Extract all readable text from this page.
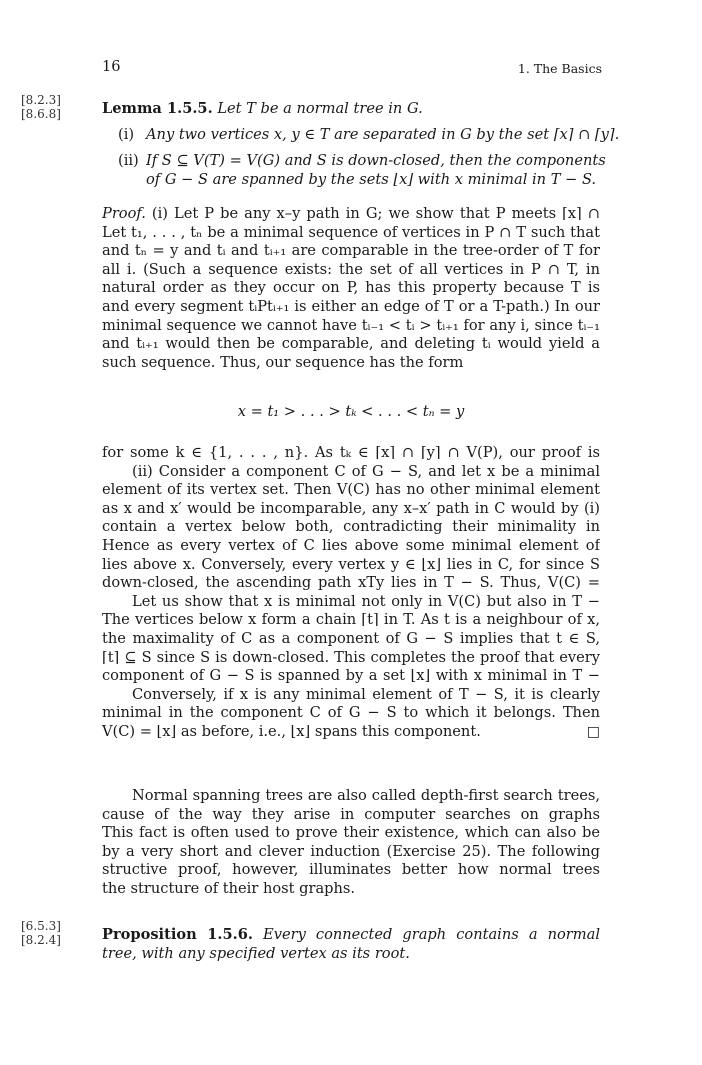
16	1. The Basics
[8.2.3]
[8.6.8]	Lemma 1.5.5. Let T be a normal tree in G.
(i) Any two vertices x, y ∈ T are separated in G by the set ⌈x⌉ ∩ ⌈y⌉.
(ii) If S ⊆ V(T) = V(G) and S is down-closed, then the components
of G − S are spanned by the sets ⌊x⌋ with x minimal in T − S.
Proof. (i) Let P be any x–y path in G; we show that P meets ⌈x⌉ ∩
Let t₁, . . . , tₙ be a minimal sequence of vertices in P ∩ T such that
and tₙ = y and tᵢ and tᵢ₊₁ are comparable in the tree-order of T for
all i. (Such a sequence exists: the set of all vertices in P ∩ T, in
natural order as they occur on P, has this property because T is
and every segment tᵢPtᵢ₊₁ is either an edge of T or a T-path.) In our
minimal sequence we cannot have tᵢ₋₁ < tᵢ > tᵢ₊₁ for any i, since tᵢ₋₁
and tᵢ₊₁ would then be comparable, and deleting tᵢ would yield a
such sequence. Thus, our sequence has the form
x = t₁ > . . . > tₖ < . . . < tₙ = y
for some k ∈ {1, . . . , n}. As tₖ ∈ ⌈x⌉ ∩ ⌈y⌉ ∩ V(P), our proof is
(ii) Consider a component C of G − S, and let x be a minimal
element of its vertex set. Then V(C) has no other minimal element
as x and x′ would be incomparable, any x–x′ path in C would by (i)
contain a vertex below both, contradicting their minimality in
Hence as every vertex of C lies above some minimal element of
lies above x. Conversely, every vertex y ∈ ⌊x⌋ lies in C, for since S
down-closed, the ascending path xTy lies in T − S. Thus, V(C) =
Let us show that x is minimal not only in V(C) but also in T −
The vertices below x form a chain ⌈t⌉ in T. As t is a neighbour of x,
the maximality of C as a component of G − S implies that t ∈ S,
⌈t⌉ ⊆ S since S is down-closed. This completes the proof that every
component of G − S is spanned by a set ⌊x⌋ with x minimal in T −
Conversely, if x is any minimal element of T − S, it is clearly
minimal in the component C of G − S to which it belongs. Then
V(C) = ⌊x⌋ as before, i.e., ⌊x⌋ spans this component.	□
Normal spanning trees are also called depth-first search trees,
cause of the way they arise in computer searches on graphs
This fact is often used to prove their existence, which can also be
by a very short and clever induction (Exercise 25). The following
structive proof, however, illuminates better how normal trees
the structure of their host graphs.
[6.5.3]
[8.2.4]	Proposition 1.5.6. Every connected graph contains a normal
tree, with any specified vertex as its root.
